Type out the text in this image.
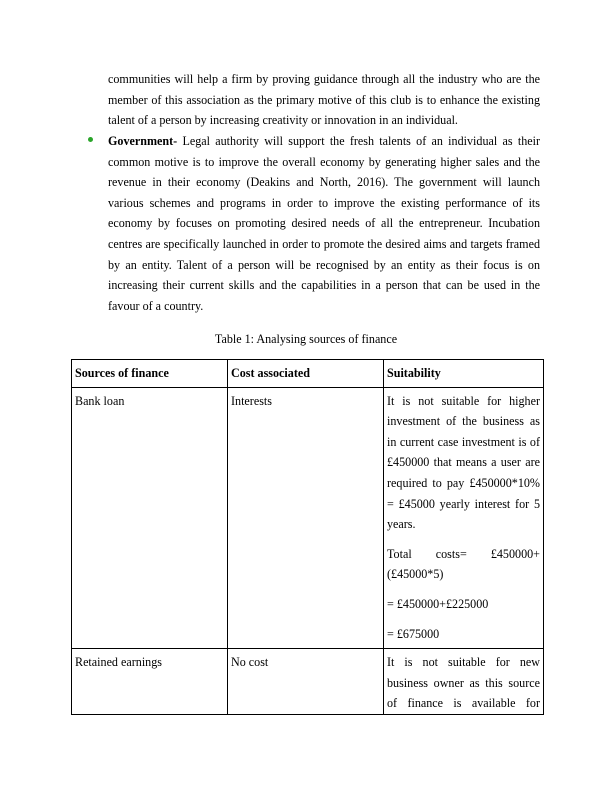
communities will help a firm by proving guidance through all the industry who are the member of this association as the primary motive of this club is to enhance the existing talent of a person by increasing creativity or innovation in an individual.

Government- Legal authority will support the fresh talents of an individual as their common motive is to improve the overall economy by generating higher sales and the revenue in their economy (Deakins and North, 2016). The government will launch various schemes and programs in order to improve the existing performance of its economy by focuses on promoting desired needs of all the entrepreneur. Incubation centres are specifically launched in order to promote the desired aims and targets framed by an entity. Talent of a person will be recognised by an entity as their focus is on increasing their current skills and the capabilities in a person that can be used in the favour of a country.

Table 1: Analysing sources of finance

Sources of finance	Cost associated	Suitability
Bank loan	Interests	It is not suitable for higher investment of the business as in current case investment is of £450000 that means a user are required to pay £450000*10% = £45000 yearly interest for 5 years.

Total costs= £450000+ (£45000*5)

= £450000+£225000

= £675000

Retained earnings	No cost	It is not suitable for new business owner as this source of finance is available for
